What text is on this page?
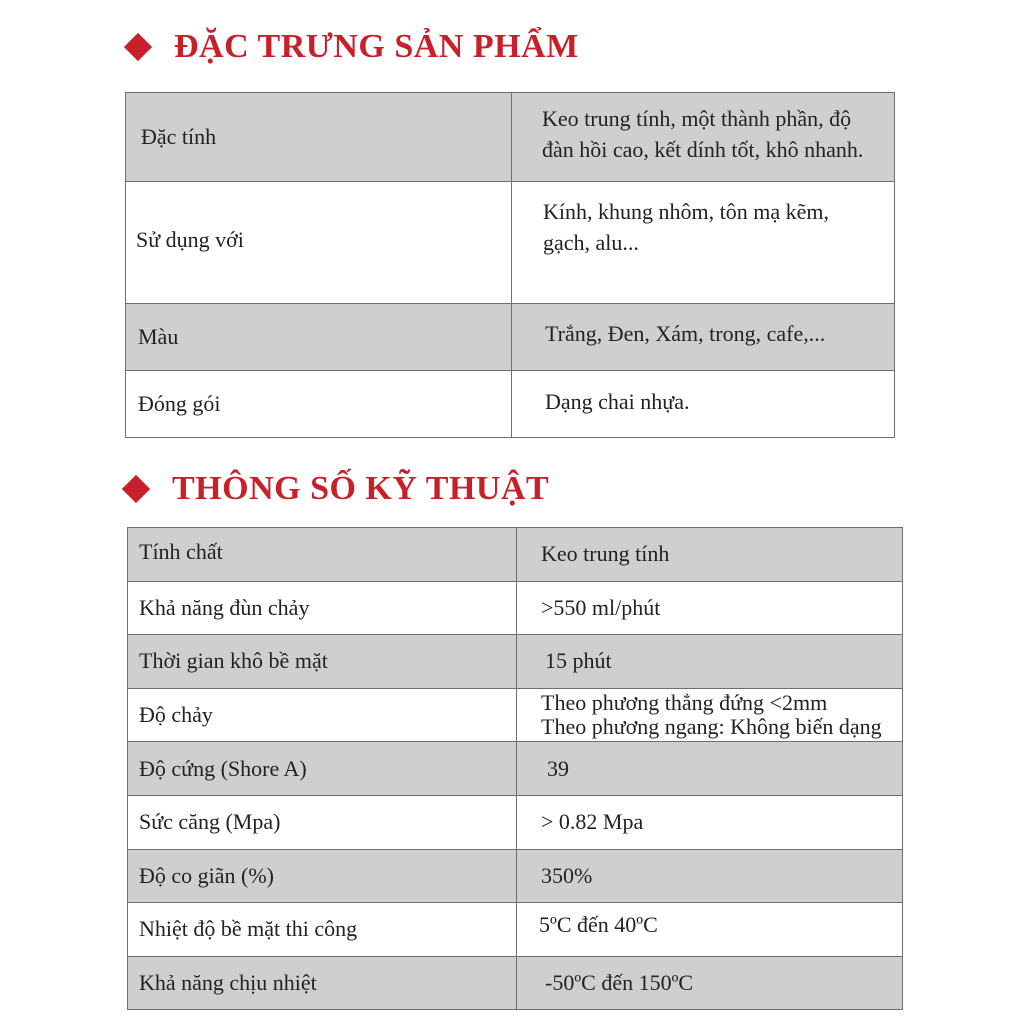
ĐẶC TRƯNG SẢN PHẨM
Đặc tính	Keo trung tính, một thành phần, độ đàn hồi cao, kết dính tốt, khô nhanh.

Sử dụng với	Kính, khung nhôm, tôn mạ kẽm, gạch, alu...

Màu	Trắng, Đen, Xám, trong, cafe,...

Đóng gói	Dạng chai nhựa.
THÔNG SỐ KỸ THUẬT
Tính chất	Keo trung tính

Khả năng đùn chảy	>550 ml/phút

Thời gian khô bề mặt	15 phút

Độ chảy	Theo phương thẳng đứng <2mm
Theo phương ngang: Không biến dạng

Độ cứng (Shore A)	39

Sức căng (Mpa)	> 0.82 Mpa

Độ co giãn (%)	350%

Nhiệt độ bề mặt thi công	5ºC đến 40ºC

Khả năng chịu nhiệt	-50ºC đến 150ºC
